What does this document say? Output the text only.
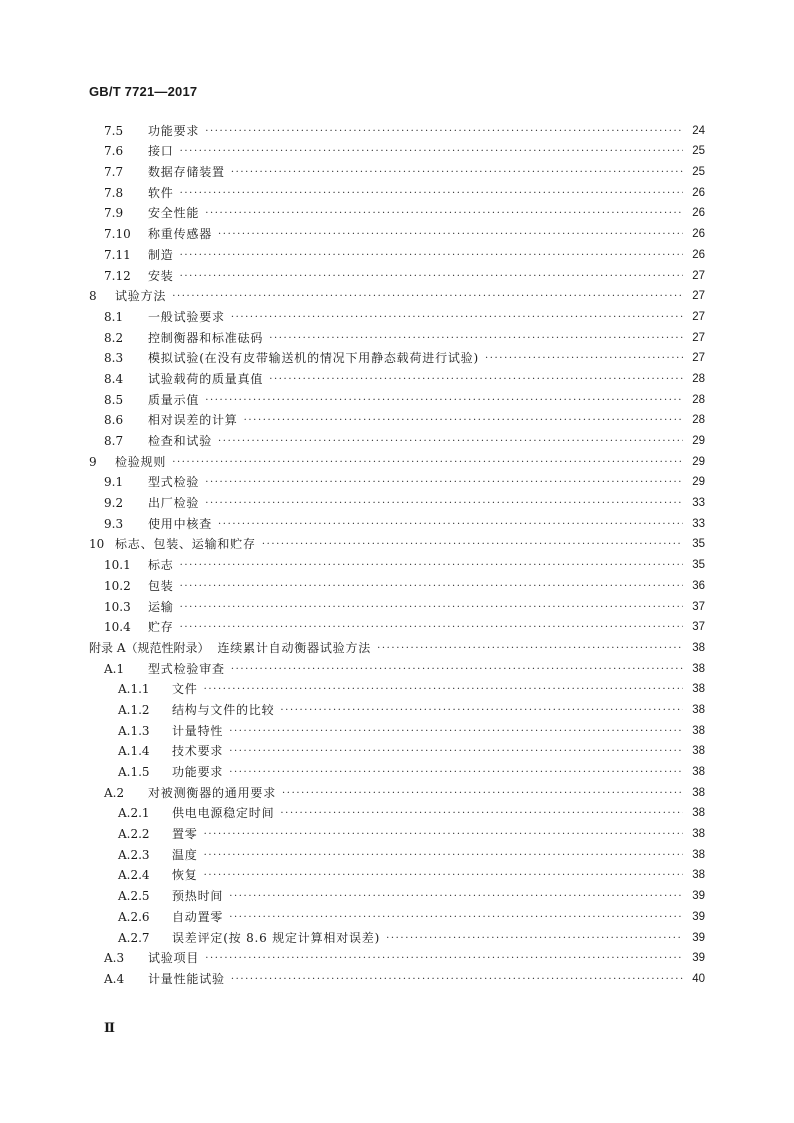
GB/T 7721—2017
7.5	功能要求 ·····	24
7.6	接口 ·····	25
7.7	数据存储装置 ·····	25
7.8	软件 ·····	26
7.9	安全性能 ·····	26
7.10	称重传感器 ·····	26
7.11	制造 ·····	26
7.12	安装 ·····	27
8	试验方法 ·····	27
8.1	一般试验要求 ·····	27
8.2	控制衡器和标准砝码 ·····	27
8.3	模拟试验(在没有皮带输送机的情况下用静态载荷进行试验) ·····	27
8.4	试验载荷的质量真值 ·····	28
8.5	质量示值 ·····	28
8.6	相对误差的计算 ·····	28
8.7	检查和试验 ·····	29
9	检验规则 ·····	29
9.1	型式检验 ·····	29
9.2	出厂检验 ·····	33
9.3	使用中核查 ·····	33
10 标志、包装、运输和贮存 ·····	35
10.1	标志 ·····	35
10.2	包装 ·····	36
10.3	运输 ·····	37
10.4	贮存 ·····	37
附录 A（规范性附录） 连续累计自动衡器试验方法 ·····	38
A.1	型式检验审查 ·····	38
A.1.1	文件 ·····	38
A.1.2	结构与文件的比较 ·····	38
A.1.3	计量特性 ·····	38
A.1.4	技术要求 ·····	38
A.1.5	功能要求 ·····	38
A.2	对被测衡器的通用要求 ·····	38
A.2.1	供电电源稳定时间 ·····	38
A.2.2	置零 ·····	38
A.2.3	温度 ·····	38
A.2.4	恢复 ·····	38
A.2.5	预热时间 ·····	39
A.2.6	自动置零 ·····	39
A.2.7	误差评定(按 8.6 规定计算相对误差) ·····	39
A.3	试验项目 ·····	39
A.4	计量性能试验 ·····	40
Ⅱ
